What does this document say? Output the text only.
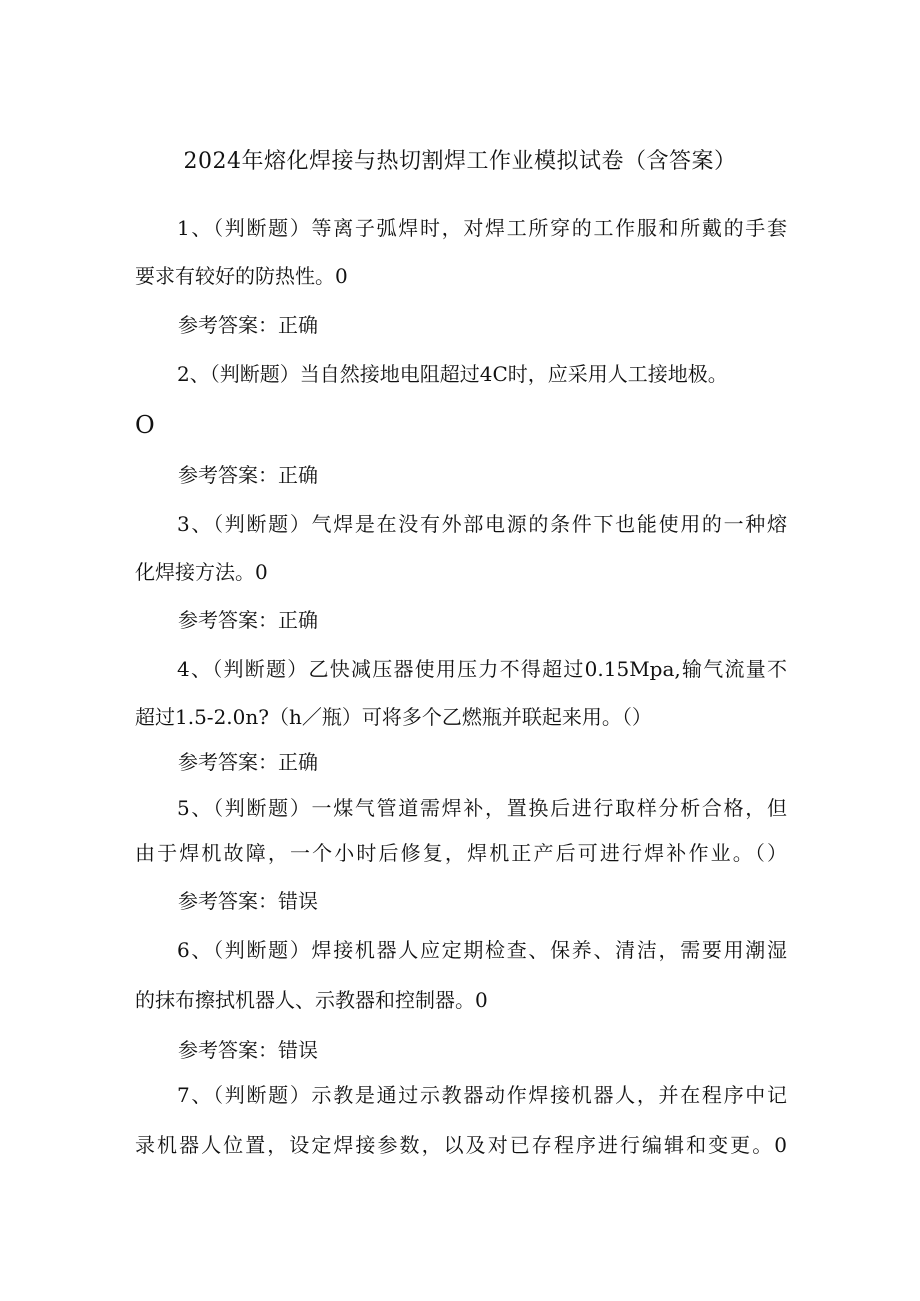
2024年熔化焊接与热切割焊工作业模拟试卷（含答案）
1、（判断题）等离子弧焊时，对焊工所穿的工作服和所戴的手套
要求有较好的防热性。0
参考答案：正确
2、（判断题）当自然接地电阻超过4C时，应采用人工接地极。
O
参考答案：正确
3、（判断题）气焊是在没有外部电源的条件下也能使用的一种熔
化焊接方法。0
参考答案：正确
4、（判断题）乙快减压器使用压力不得超过0.15Mpa,输气流量不
超过1.5-2.0n?（h／瓶）可将多个乙燃瓶并联起来用。（）
参考答案：正确
5、（判断题）一煤气管道需焊补，置换后进行取样分析合格，但
由于焊机故障，一个小时后修复，焊机正产后可进行焊补作业。（）
参考答案：错误
6、（判断题）焊接机器人应定期检查、保养、清洁，需要用潮湿
的抹布擦拭机器人、示教器和控制器。0
参考答案：错误
7、（判断题）示教是通过示教器动作焊接机器人，并在程序中记
录机器人位置，设定焊接参数，以及对已存程序进行编辑和变更。0
